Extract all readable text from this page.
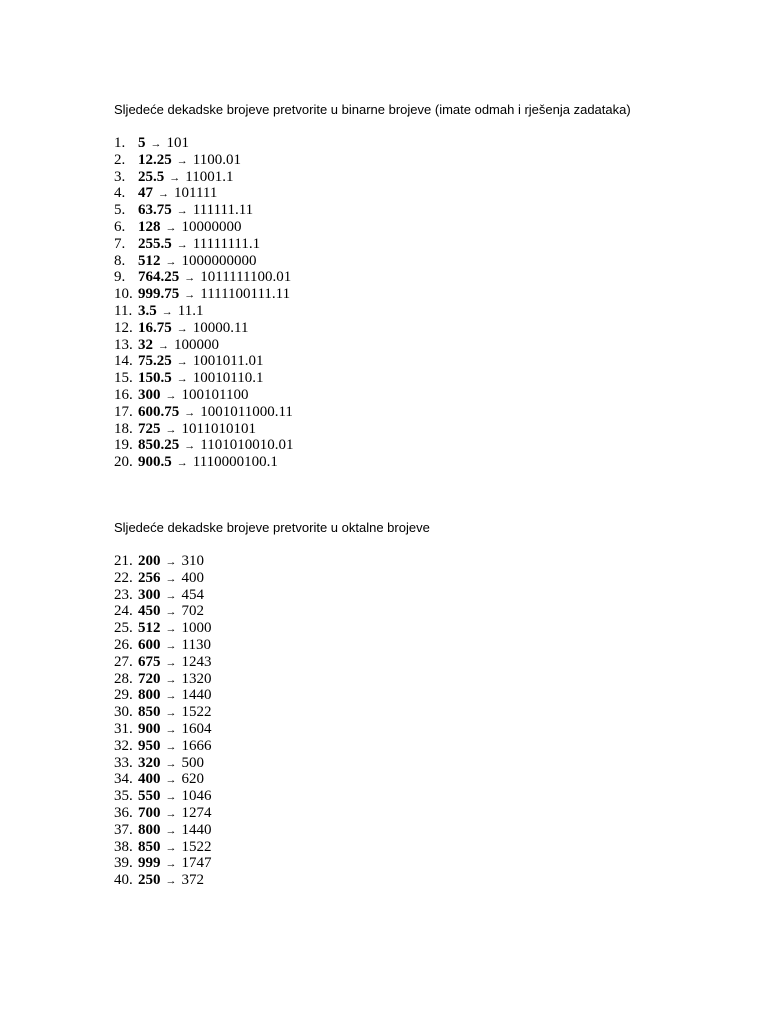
Sljedeće dekadske brojeve pretvorite u binarne brojeve (imate odmah i rješenja zadataka)

1. 5 → 101
2. 12.25 → 1100.01
3. 25.5 → 11001.1
4. 47 → 101111
5. 63.75 → 111111.11
6. 128 → 10000000
7. 255.5 → 11111111.1
8. 512 → 1000000000
9. 764.25 → 1011111100.01
10. 999.75 → 1111100111.11
11. 3.5 → 11.1
12. 16.75 → 10000.11
13. 32 → 100000
14. 75.25 → 1001011.01
15. 150.5 → 10010110.1
16. 300 → 100101100
17. 600.75 → 1001011000.11
18. 725 → 1011010101
19. 850.25 → 1101010010.01
20. 900.5 → 1110000100.1

Sljedeće dekadske brojeve pretvorite u oktalne brojeve

21. 200 → 310
22. 256 → 400
23. 300 → 454
24. 450 → 702
25. 512 → 1000
26. 600 → 1130
27. 675 → 1243
28. 720 → 1320
29. 800 → 1440
30. 850 → 1522
31. 900 → 1604
32. 950 → 1666
33. 320 → 500
34. 400 → 620
35. 550 → 1046
36. 700 → 1274
37. 800 → 1440
38. 850 → 1522
39. 999 → 1747
40. 250 → 372
